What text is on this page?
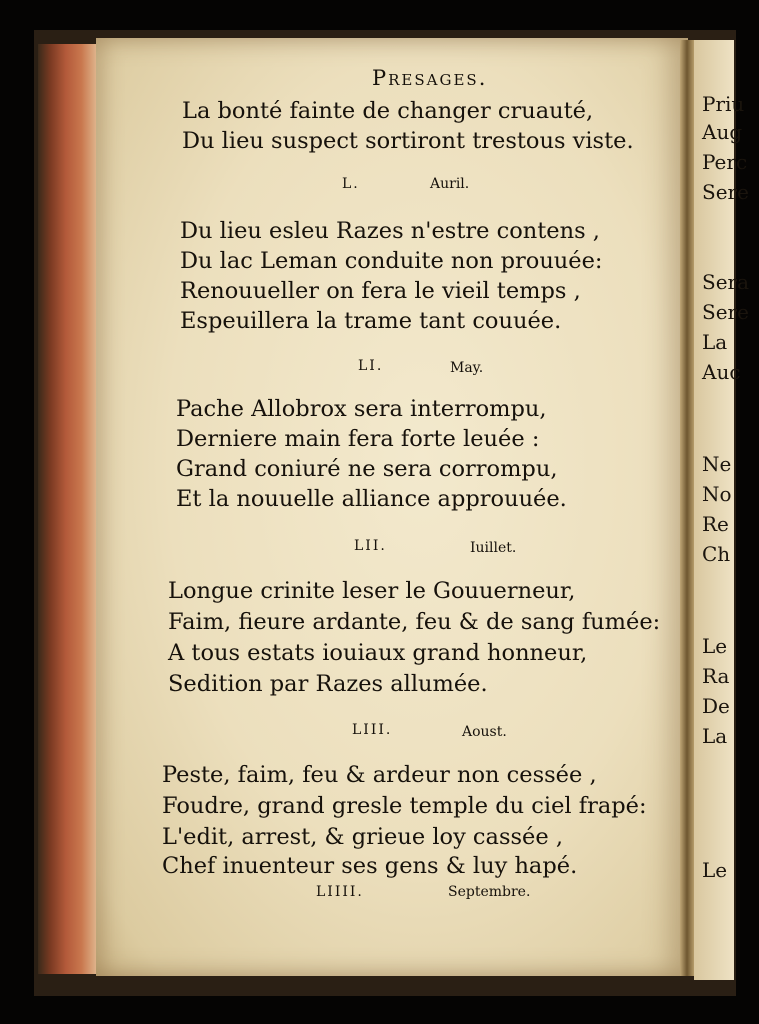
Priu
Aug
Perc
Sere
Sera
Sere
La
Auc
Ne
No
Re
Ch
Le
Ra
De
La
Le
Presages.
La bonté fainte de changer cruauté,
Du lieu suspect sortiront trestous viste.
L.	Auril.
Du lieu esleu Razes n'estre contens ,
Du lac Leman conduite non prouuée:
Renouueller on fera le vieil temps ,
Espeuillera la trame tant couuée.
LI.	May.
Pache Allobrox sera interrompu,
Derniere main fera forte leuée :
Grand coniuré ne sera corrompu,
Et la nouuelle alliance approuuée.
LII.	Iuillet.
Longue crinite leser le Gouuerneur,
Faim, fieure ardante, feu & de sang fumée:
A tous estats iouiaux grand honneur,
Sedition par Razes allumée.
LIII.	Aoust.
Peste, faim, feu & ardeur non cessée ,
Foudre, grand gresle temple du ciel frapé:
L'edit, arrest, & grieue loy cassée ,
Chef inuenteur ses gens & luy hapé.
LIIII.	Septembre.
